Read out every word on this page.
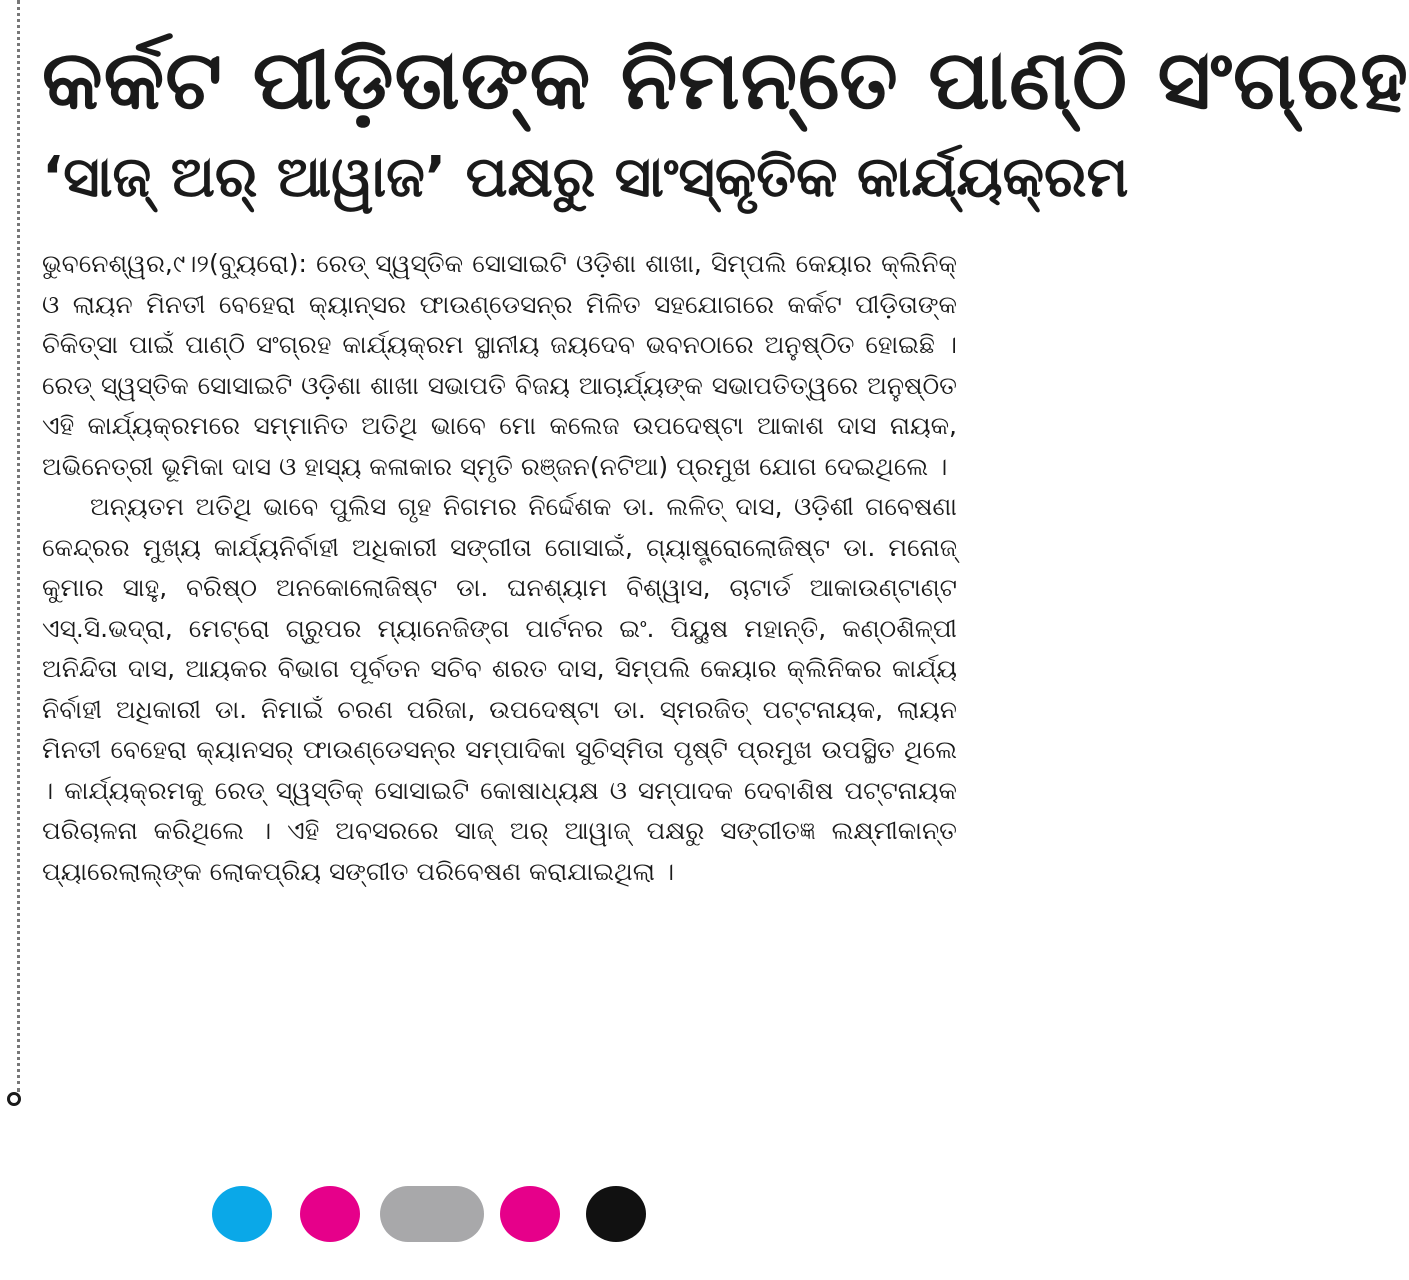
କର୍କଟ ପୀଡ଼ିତାଙ୍କ ନିମନ୍ତେ ପାଣ୍ଠି ସଂଗ୍ରହ
‘ସାଜ୍ ଅର୍ ଆୱାଜ’ ପକ୍ଷରୁ ସାଂସ୍କୃତିକ କାର୍ଯ୍ୟକ୍ରମ

ଭୁବନେଶ୍ୱର,୯।୨(ବ୍ୟୁରୋ): ରେଡ୍ ସ୍ୱସ୍ତିକ ସୋସାଇଟି ଓଡ଼ିଶା ଶାଖା, ସିମ୍ପଲି କେୟାର କ୍ଲିନିକ୍ ଓ ଲାୟନ ମିନତୀ ବେହେରା କ୍ୟାନ୍‌ସର ଫାଉଣ୍ଡେସନ୍‌ର ମିଳିତ ସହଯୋଗରେ କର୍କଟ ପୀଡ଼ିତାଙ୍କ ଚିକିତ୍ସା ପାଇଁ ପାଣ୍ଠି ସଂଗ୍ରହ କାର୍ଯ୍ୟକ୍ରମ ସ୍ଥାନୀୟ ଜୟଦେବ ଭବନଠାରେ ଅନୁଷ୍ଠିତ ହୋଇଛି । ରେଡ୍ ସ୍ୱସ୍ତିକ ସୋସାଇଟି ଓଡ଼ିଶା ଶାଖା ସଭାପତି ବିଜୟ ଆଚାର୍ଯ୍ୟଙ୍କ ସଭାପତିତ୍ୱରେ ଅନୁଷ୍ଠିତ ଏହି କାର୍ଯ୍ୟକ୍ରମରେ ସମ୍ମାନିତ ଅତିଥି ଭାବେ ମୋ କଲେଜ ଉପଦେଷ୍ଟା ଆକାଶ ଦାସ ନାୟକ, ଅଭିନେତ୍ରୀ ଭୂମିକା ଦାସ ଓ ହାସ୍ୟ କଳାକାର ସ୍ମୃତି ରଞ୍ଜନ(ନଟିଆ) ପ୍ରମୁଖ ଯୋଗ ଦେଇଥିଲେ ।

ଅନ୍ୟତମ ଅତିଥି ଭାବେ ପୁଲିସ ଗୃହ ନିଗମର ନିର୍ଦ୍ଦେଶକ ଡା. ଲଳିତ୍ ଦାସ, ଓଡ଼ିଶୀ ଗବେଷଣା କେନ୍ଦ୍ରର ମୁଖ୍ୟ କାର୍ଯ୍ୟନିର୍ବାହୀ ଅଧିକାରୀ ସଙ୍ଗୀତା ଗୋସାଇଁ, ଗ୍ୟାଷ୍ଟ୍ରୋଲୋଜିଷ୍ଟ ଡା. ମନୋଜ୍ କୁମାର ସାହୁ, ବରିଷ୍ଠ ଅନକୋଲୋଜିଷ୍ଟ ଡା. ଘନଶ୍ୟାମ ବିଶ୍ୱାସ, ଚାଟାର୍ଡ ଆକାଉଣ୍ଟାଣ୍ଟ ଏସ୍.ସି.ଭଦ୍ରା, ମେଟ୍ରୋ ଗ୍ରୁପର ମ୍ୟାନେଜିଙ୍ଗ ପାର୍ଟନର ଇଂ. ପିୟୁଷ ମହାନ୍ତି, କଣ୍ଠଶିଳ୍ପୀ ଅନିନ୍ଦିତା ଦାସ, ଆୟକର ବିଭାଗ ପୂର୍ବତନ ସଚିବ ଶରତ ଦାସ, ସିମ୍ପଲି କେୟାର କ୍ଲିନିକର କାର୍ଯ୍ୟ ନିର୍ବାହୀ ଅଧିକାରୀ ଡା. ନିମାଇଁ ଚରଣ ପରିଜା, ଉପଦେଷ୍ଟା ଡା. ସ୍ମରଜିତ୍ ପଟ୍ଟନାୟକ, ଲାୟନ ମିନତୀ ବେହେରା କ୍ୟାନସର୍ ଫାଉଣ୍ଡେସନ୍‌ର ସମ୍ପାଦିକା ସୁଚିସ୍ମିତା ପୃଷ୍ଟି ପ୍ରମୁଖ ଉପସ୍ଥିତ ଥିଲେ । କାର୍ଯ୍ୟକ୍ରମକୁ ରେଡ୍ ସ୍ୱସ୍ତିକ୍ ସୋସାଇଟି କୋଷାଧ୍ୟକ୍ଷ ଓ ସମ୍ପାଦକ ଦେବାଶିଷ ପଟ୍ଟନାୟକ ପରିଚାଳନା କରିଥିଲେ । ଏହି ଅବସରରେ ସାଜ୍ ଅର୍ ଆୱାଜ୍ ପକ୍ଷରୁ ସଙ୍ଗୀତଜ୍ଞ ଲକ୍ଷ୍ମୀକାନ୍ତ ପ୍ୟାରେଲାଲ୍‌ଙ୍କ ଲୋକପ୍ରିୟ ସଙ୍ଗୀତ ପରିବେଷଣ କରାଯାଇଥିଲା ।
